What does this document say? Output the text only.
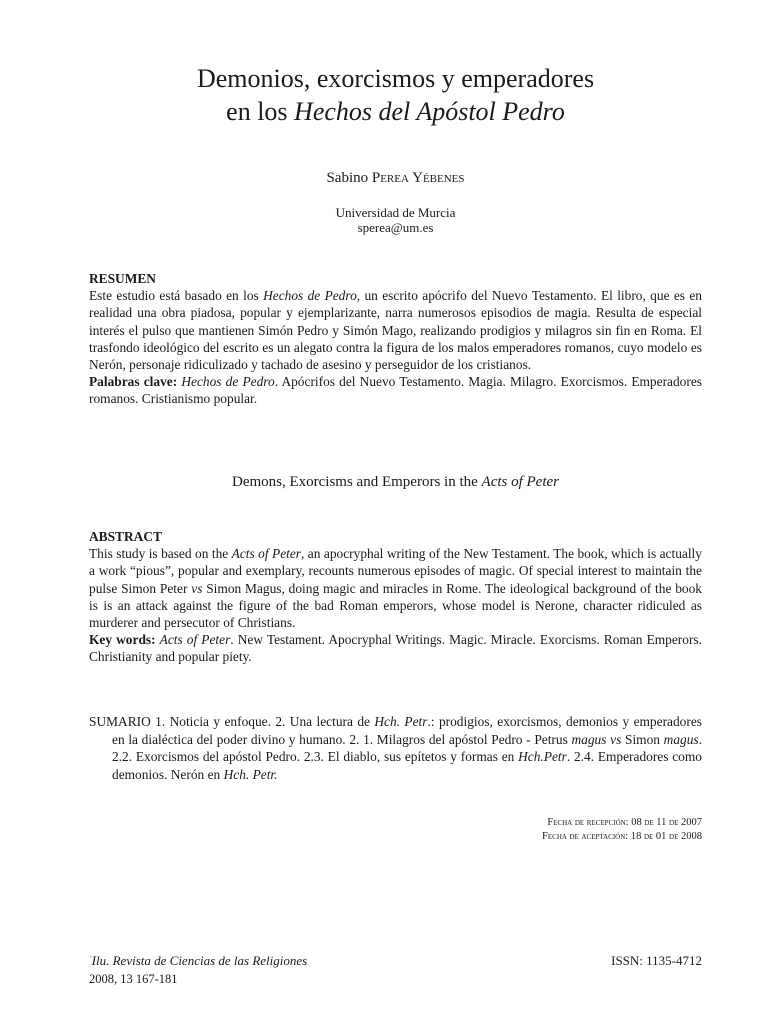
Demonios, exorcismos y emperadores
en los Hechos del Apóstol Pedro
Sabino Perea Yébenes
Universidad de Murcia
sperea@um.es
RESUMEN
Este estudio está basado en los Hechos de Pedro, un escrito apócrifo del Nuevo Testamento. El libro, que es en realidad una obra piadosa, popular y ejemplarizante, narra numerosos episodios de magia. Resulta de especial interés el pulso que mantienen Simón Pedro y Simón Mago, realizando prodigios y milagros sin fin en Roma. El trasfondo ideológico del escrito es un alegato contra la figura de los malos emperadores romanos, cuyo modelo es Nerón, personaje ridiculizado y tachado de asesino y perseguidor de los cristianos.
Palabras clave: Hechos de Pedro. Apócrifos del Nuevo Testamento. Magia. Milagro. Exorcismos. Emperadores romanos. Cristianismo popular.
Demons, Exorcisms and Emperors in the Acts of Peter
ABSTRACT
This study is based on the Acts of Peter, an apocryphal writing of the New Testament. The book, which is actually a work “pious”, popular and exemplary, recounts numerous episodes of magic. Of special interest to maintain the pulse Simon Peter vs Simon Magus, doing magic and miracles in Rome. The ideological background of the book is is an attack against the figure of the bad Roman emperors, whose model is Nerone, character ridiculed as murderer and persecutor of Christians.
Key words: Acts of Peter. New Testament. Apocryphal Writings. Magic. Miracle. Exorcisms. Roman Emperors. Christianity and popular piety.
SUMARIO 1. Noticia y enfoque. 2. Una lectura de Hch. Petr.: prodigios, exorcismos, demonios y emperadores en la dialéctica del poder divino y humano. 2. 1. Milagros del apóstol Pedro - Petrus magus vs Simon magus. 2.2. Exorcismos del apóstol Pedro. 2.3. El diablo, sus epítetos y formas en Hch.Petr. 2.4. Emperadores como demonios. Nerón en Hch. Petr.
Fecha de recepción: 08 de 11 de 2007
Fecha de aceptación: 18 de 01 de 2008
$^ʾ$Ilu. Revista de Ciencias de las Religiones
2008, 13 167-181
ISSN: 1135-4712
